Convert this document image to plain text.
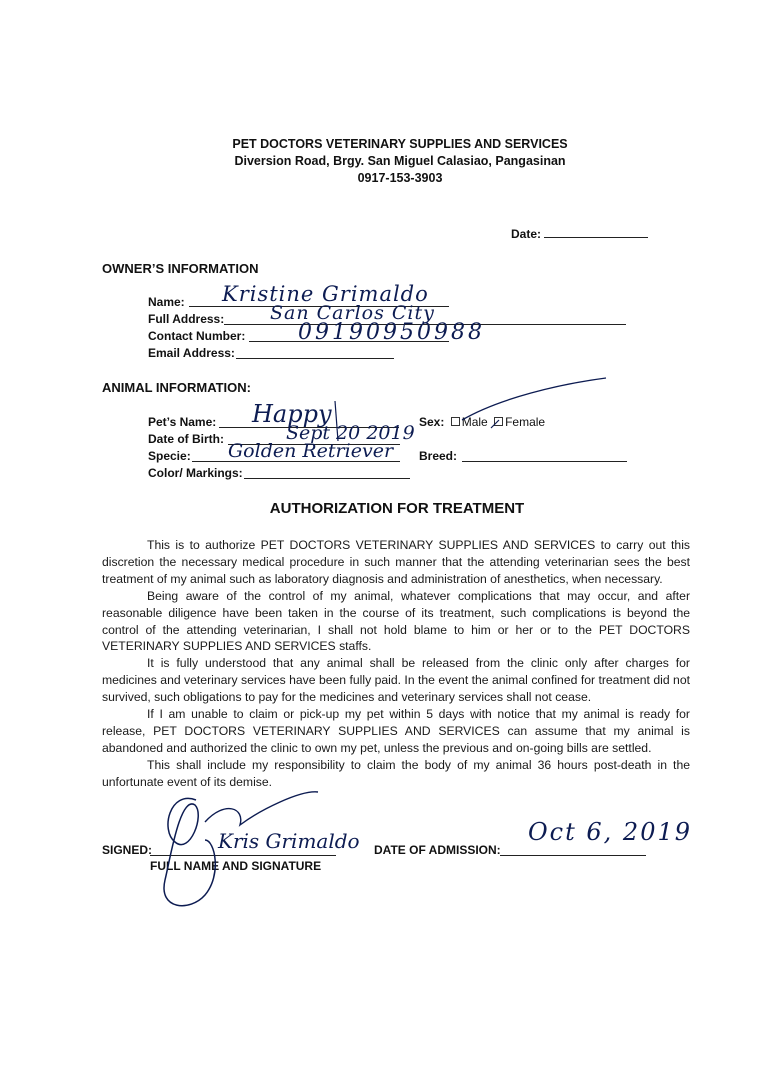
PET DOCTORS VETERINARY SUPPLIES AND SERVICES
Diversion Road, Brgy. San Miguel Calasiao, Pangasinan
0917-153-3903
Date:
OWNER’S INFORMATION
Name: Kristine Grimaldo
Full Address: San Carlos City
Contact Number: 09190950988
Email Address:
ANIMAL INFORMATION:
Pet’s Name: Happy
Date of Birth:	Sept 20 2019
Specie: Golden Retriever
Color/ Markings:
Sex: Male Female
Breed:
AUTHORIZATION FOR TREATMENT

This is to authorize PET DOCTORS VETERINARY SUPPLIES AND SERVICES to carry out this discretion the necessary medical procedure in such manner that the attending veterinarian sees the best treatment of my animal such as laboratory diagnosis and administration of anesthetics, when necessary.

Being aware of the control of my animal, whatever complications that may occur, and after reasonable diligence have been taken in the course of its treatment, such complications is beyond the control of the attending veterinarian, I shall not hold blame to him or her or to the PET DOCTORS VETERINARY SUPPLIES AND SERVICES staffs.

It is fully understood that any animal shall be released from the clinic only after charges for medicines and veterinary services have been fully paid. In the event the animal confined for treatment did not survived, such obligations to pay for the medicines and veterinary services shall not cease.

If I am unable to claim or pick-up my pet within 5 days with notice that my animal is ready for release, PET DOCTORS VETERINARY SUPPLIES AND SERVICES can assume that my animal is abandoned and authorized the clinic to own my pet, unless the previous and on-going bills are settled.

This shall include my responsibility to claim the body of my animal 36 hours post-death in the unfortunate event of its demise.

SIGNED:
FULL NAME AND SIGNATURE
Kris Grimaldo DATE OF ADMISSION:
Oct 6, 2019
